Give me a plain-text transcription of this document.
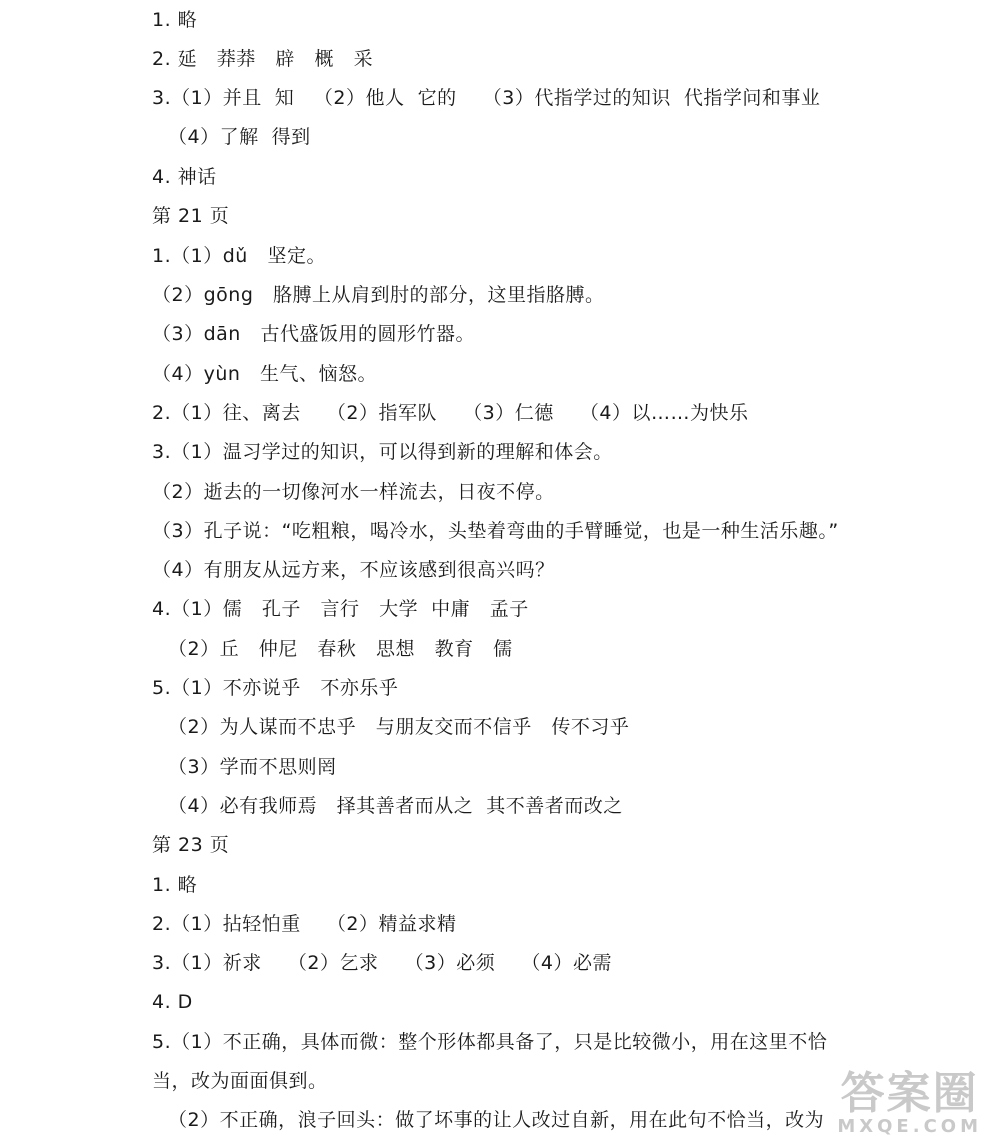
1. 略
2. 延   莽莽   辟   概   采
3.（1）并且  知   （2）他人  它的    （3）代指学过的知识  代指学问和事业
（4）了解  得到
4. 神话
第 21 页
1.（1）dǔ   坚定。
（2）gōng   胳膊上从肩到肘的部分，这里指胳膊。
（3）dān   古代盛饭用的圆形竹器。
（4）yùn   生气、恼怒。
2.（1）往、离去    （2）指军队    （3）仁德    （4）以……为快乐
3.（1）温习学过的知识，可以得到新的理解和体会。
（2）逝去的一切像河水一样流去，日夜不停。
（3）孔子说：“吃粗粮，喝冷水，头垫着弯曲的手臂睡觉，也是一种生活乐趣。”
（4）有朋友从远方来，不应该感到很高兴吗？
4.（1）儒   孔子   言行   大学  中庸   孟子
（2）丘   仲尼   春秋   思想   教育   儒
5.（1）不亦说乎   不亦乐乎
（2）为人谋而不忠乎   与朋友交而不信乎   传不习乎
（3）学而不思则罔
（4）必有我师焉   择其善者而从之  其不善者而改之
第 23 页
1. 略
2.（1）拈轻怕重    （2）精益求精
3.（1）祈求    （2）乞求    （3）必须    （4）必需
4. D
5.（1）不正确，具体而微：整个形体都具备了，只是比较微小，用在这里不恰
当，改为面面俱到。
（2）不正确，浪子回头：做了坏事的让人改过自新，用在此句不恰当，改为
答案圈
MXQE.COM
